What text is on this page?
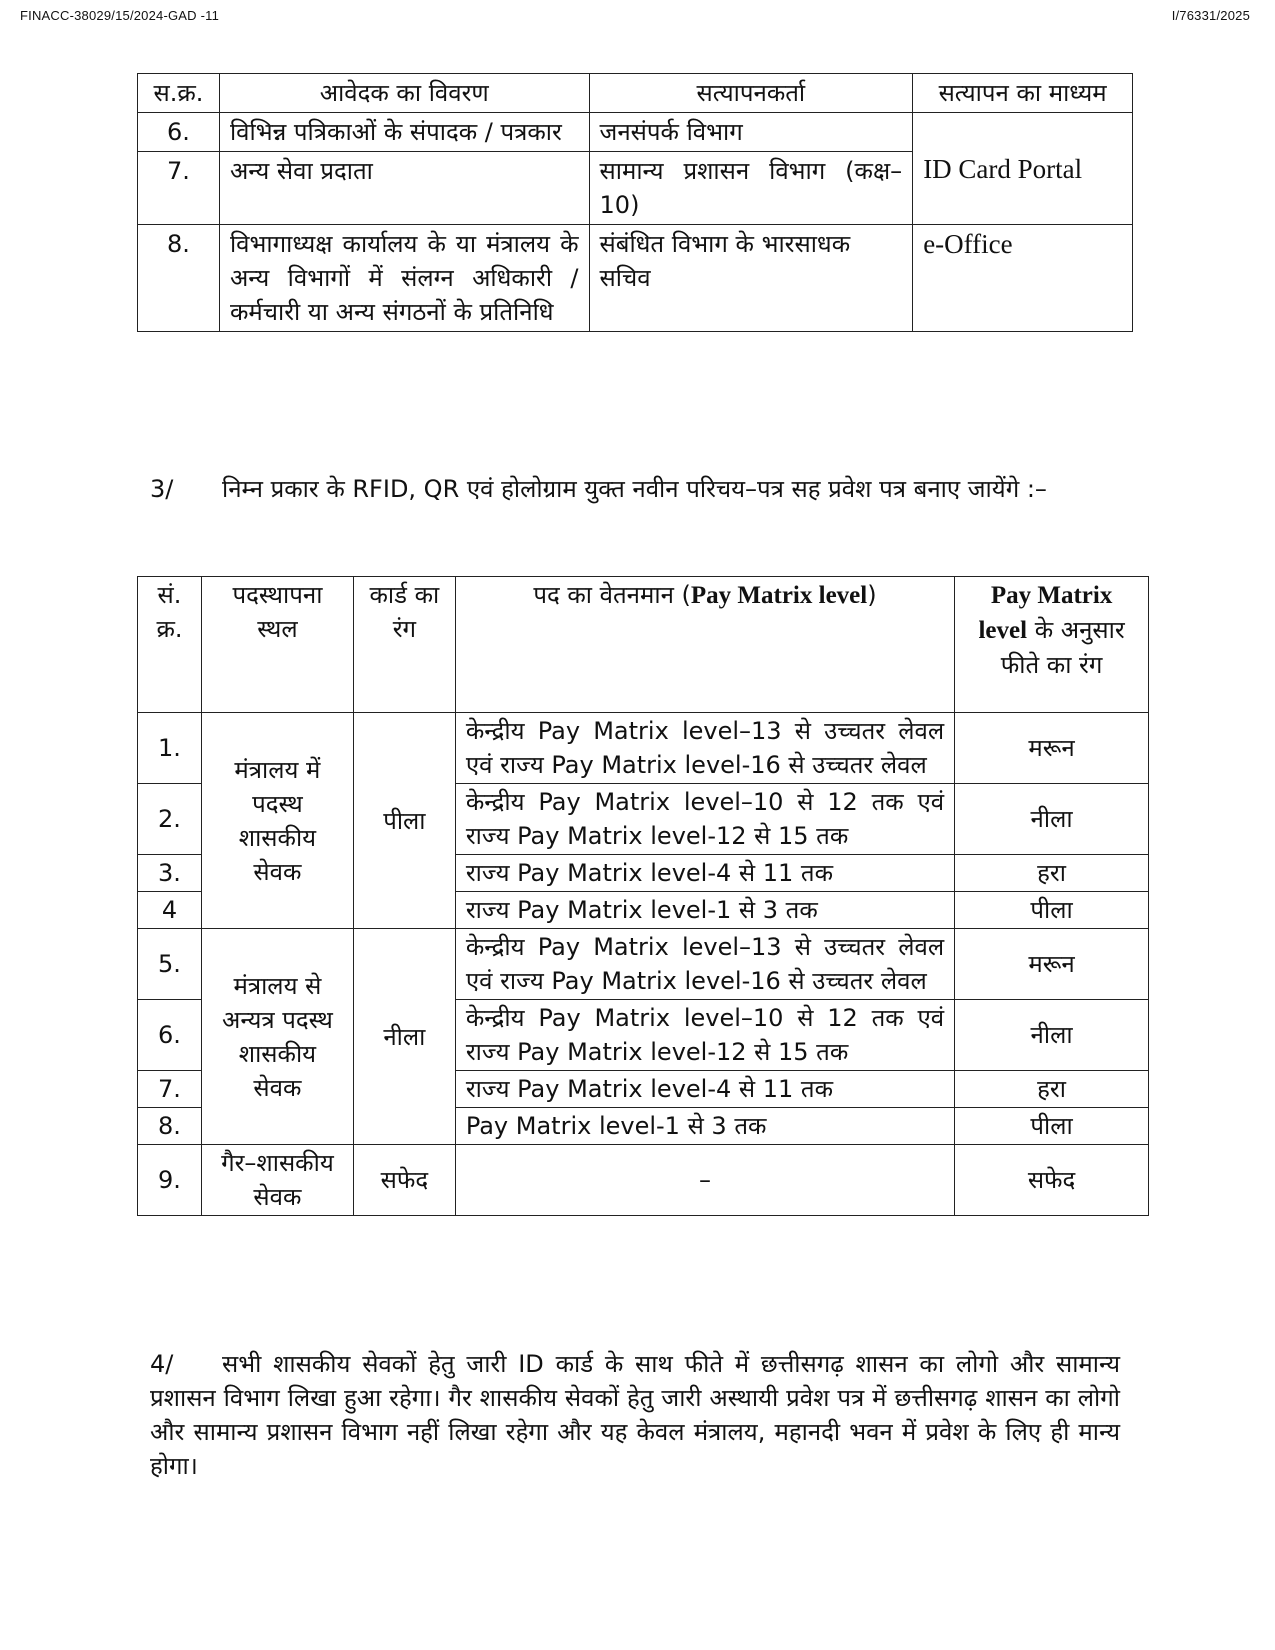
FINACC-38029/15/2024-GAD -11	I/76331/2025
स.क्र.	आवेदक का विवरण	सत्यापनकर्ता	सत्यापन का माध्यम
6.	विभिन्न पत्रिकाओं के संपादक / पत्रकार	जनसंपर्क विभाग	ID Card Portal
7.	अन्य सेवा प्रदाता	सामान्य प्रशासन विभाग (कक्ष–10)	
8.	विभागाध्यक्ष कार्यालय के या मंत्रालय के अन्य विभागों में संलग्न अधिकारी / कर्मचारी या अन्य संगठनों के प्रतिनिधि	संबंधित विभाग के भारसाधक सचिव	e-Office
3/ निम्न प्रकार के RFID, QR एवं होलोग्राम युक्त नवीन परिचय–पत्र सह प्रवेश पत्र बनाए जायेंगे :–
सं. क्र.	पदस्थापना स्थल	कार्ड का रंग	पद का वेतनमान (Pay Matrix level)	Pay Matrix level के अनुसार फीते का रंग
1.	मंत्रालय में पदस्थ शासकीय सेवक	पीला	केन्द्रीय Pay Matrix level–13 से उच्चतर लेवल एवं राज्य Pay Matrix level-16 से उच्चतर लेवल	मरून
2.			केन्द्रीय Pay Matrix level–10 से 12 तक एवं राज्य Pay Matrix level-12 से 15 तक	नीला
3.			राज्य Pay Matrix level-4 से 11 तक	हरा
4			राज्य Pay Matrix level-1 से 3 तक	पीला
5.	मंत्रालय से अन्यत्र पदस्थ शासकीय सेवक	नीला	केन्द्रीय Pay Matrix level–13 से उच्चतर लेवल एवं राज्य Pay Matrix level-16 से उच्चतर लेवल	मरून
6.			केन्द्रीय Pay Matrix level–10 से 12 तक एवं राज्य Pay Matrix level-12 से 15 तक	नीला
7.			राज्य Pay Matrix level-4 से 11 तक	हरा
8.			Pay Matrix level-1 से 3 तक	पीला
9.	गैर–शासकीय सेवक	सफेद	–	सफेद
4/ सभी शासकीय सेवकों हेतु जारी ID कार्ड के साथ फीते में छत्तीसगढ़ शासन का लोगो और सामान्य प्रशासन विभाग लिखा हुआ रहेगा। गैर शासकीय सेवकों हेतु जारी अस्थायी प्रवेश पत्र में छत्तीसगढ़ शासन का लोगो और सामान्य प्रशासन विभाग नहीं लिखा रहेगा और यह केवल मंत्रालय, महानदी भवन में प्रवेश के लिए ही मान्य होगा।
